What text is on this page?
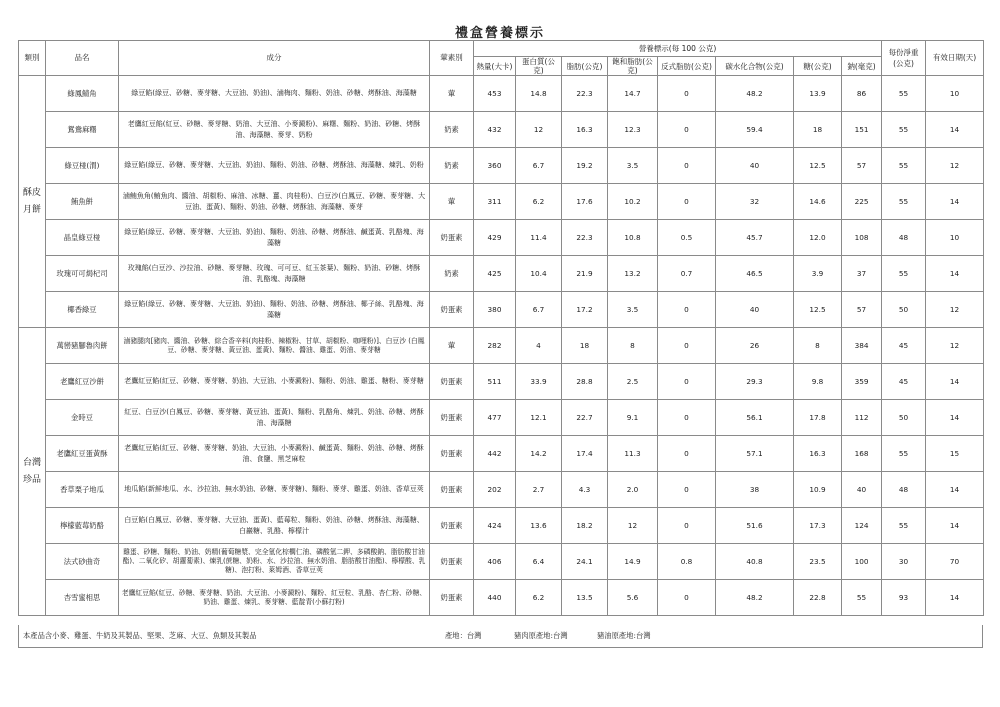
禮盒營養標示
類別	品名	成分	葷素別	營養標示(每 100 公克)								每份淨重(公克)	有效日期(天)
				熱量(大卡)	蛋白質(公克)	脂肪(公克)	飽和脂肪(公克)	反式脂肪(公克)	碳水化合物(公克)	糖(公克)	鈉(毫克)		
酥皮月餅	綠鳳鯖角	綠豆餡(綠豆、砂糖、麥芽糖、大豆油、奶油)、滷梅肉、麵粉、奶油、砂糖、烤酥油、海藻糖	葷	453	14.8	22.3	14.7	0	48.2	13.9	86	55	10
	鴛鴦麻糬	老鷹紅豆餡(紅豆、砂糖、麥芽糖、奶油、大豆油、小麥澱粉)、麻糬、麵粉、奶油、砂糖、烤酥油、海藻糖、麥芽、奶粉	奶素	432	12	16.3	12.3	0	59.4	18	151	55	14
	綠豆椪(渭)	綠豆餡(綠豆、砂糖、麥芽糖、大豆油、奶油)、麵粉、奶油、砂糖、烤酥油、海藻糖、煉乳、奶粉	奶素	360	6.7	19.2	3.5	0	40	12.5	57	55	12
	鮪魚餅	滷鮪魚角(鮪魚肉、醬油、胡椒粉、麻油、冰糖、薑、肉桂粉)、白豆沙(白鳳豆、砂糖、麥芽糖、大豆油、蛋黃)、麵粉、奶油、砂糖、烤酥油、海藻糖、麥芽	葷	311	6.2	17.6	10.2	0	32	14.6	225	55	14
	晶皇綠豆椪	綠豆餡(綠豆、砂糖、麥芽糖、大豆油、奶油)、麵粉、奶油、砂糖、烤酥油、鹹蛋黃、乳酪塊、海藻糖	奶蛋素	429	11.4	22.3	10.8	0.5	45.7	12.0	108	48	10
	玫瑰可可焗杞司	玫瑰餡(白豆沙、沙拉油、砂糖、麥芽糖、玫瑰、可可豆、紅玉茶葉)、麵粉、奶油、砂糖、烤酥油、乳酪塊、海藻糖	奶素	425	10.4	21.9	13.2	0.7	46.5	3.9	37	55	14
	椰香綠豆	綠豆餡(綠豆、砂糖、麥芽糖、大豆油、奶油)、麵粉、奶油、砂糖、烤酥油、椰子絲、乳酪塊、海藻糖	奶蛋素	380	6.7	17.2	3.5	0	40	12.5	57	50	12
台灣珍品	萬巒豬腳魯肉餅	滷豬腿肉[豬肉、醬油、砂糖、綜合香辛料(肉桂粉、辣椒粉、甘草、胡椒粉、咖哩粉)]、白豆沙 (白鳳豆、砂糖、麥芽糖、黃豆油、蛋黃)、麵粉、醬油、雞蛋、奶油、麥芽糖	葷	282	4	18	8	0	26	8	384	45	12
	老鷹紅豆沙餅	老鷹紅豆餡(紅豆、砂糖、麥芽糖、奶油、大豆油、小麥澱粉)、麵粉、奶油、雞蛋、糖粉、麥芽糖	奶蛋素	511	33.9	28.8	2.5	0	29.3	9.8	359	45	14
	金時豆	紅豆、白豆沙(白鳳豆、砂糖、麥芽糖、黃豆油、蛋黃)、麵粉、乳酪角、煉乳、奶油、砂糖、烤酥油、海藻糖	奶蛋素	477	12.1	22.7	9.1	0	56.1	17.8	112	50	14
	老鷹紅豆蛋黃酥	老鷹紅豆餡(紅豆、砂糖、麥芽糖、奶油、大豆油、小麥澱粉)、鹹蛋黃、麵粉、奶油、砂糖、烤酥油、食鹽、黑芝麻粒	奶蛋素	442	14.2	17.4	11.3	0	57.1	16.3	168	55	15
	香草栗子地瓜	地瓜餡(新鮮地瓜、水、沙拉油、無水奶油、砂糖、麥芽糖)、麵粉、麥芽、雞蛋、奶油、香草豆莢	奶蛋素	202	2.7	4.3	2.0	0	38	10.9	40	48	14
	檸檬藍莓奶酪	白豆餡(白鳳豆、砂糖、麥芽糖、大豆油、蛋黃)、藍莓粒、麵粉、奶油、砂糖、烤酥油、海藻糖、白巖糖、乳酪、檸檬汁	奶蛋素	424	13.6	18.2	12	0	51.6	17.3	124	55	14
	法式砂曲奇	雞蛋、砂糖、麵粉、奶油、奶精(葡萄糖漿、完全氫化棕櫚仁油、磷酸氫二鉀、多磷酸鈉、脂肪酸甘油酯)、二氧化矽、胡蘿蔔素)、煉乳(蔗糖、奶粉、水、沙拉油、無水奶油、脂肪酸甘油酯)、檸檬酸、乳糖)、泡打粉、萊姆酒、香草豆莢	奶蛋素	406	6.4	24.1	14.9	0.8	40.8	23.5	100	30	70
	杏雪蜜相思	老鷹紅豆餡(紅豆、砂糖、麥芽糖、奶油、大豆油、小麥澱粉)、麵粉、紅豆粒、乳酪、杏仁粉、砂糖、奶油、雞蛋、煉乳、麥芽糖、藍靛青(小蘇打粉)	奶蛋素	440	6.2	13.5	5.6	0	48.2	22.8	55	93	14
本產品含小麥、雞蛋、牛奶及其製品、堅果、芝麻、大豆、魚類及其製品	產地：台灣	豬肉原產地:台灣	豬油原產地:台灣
